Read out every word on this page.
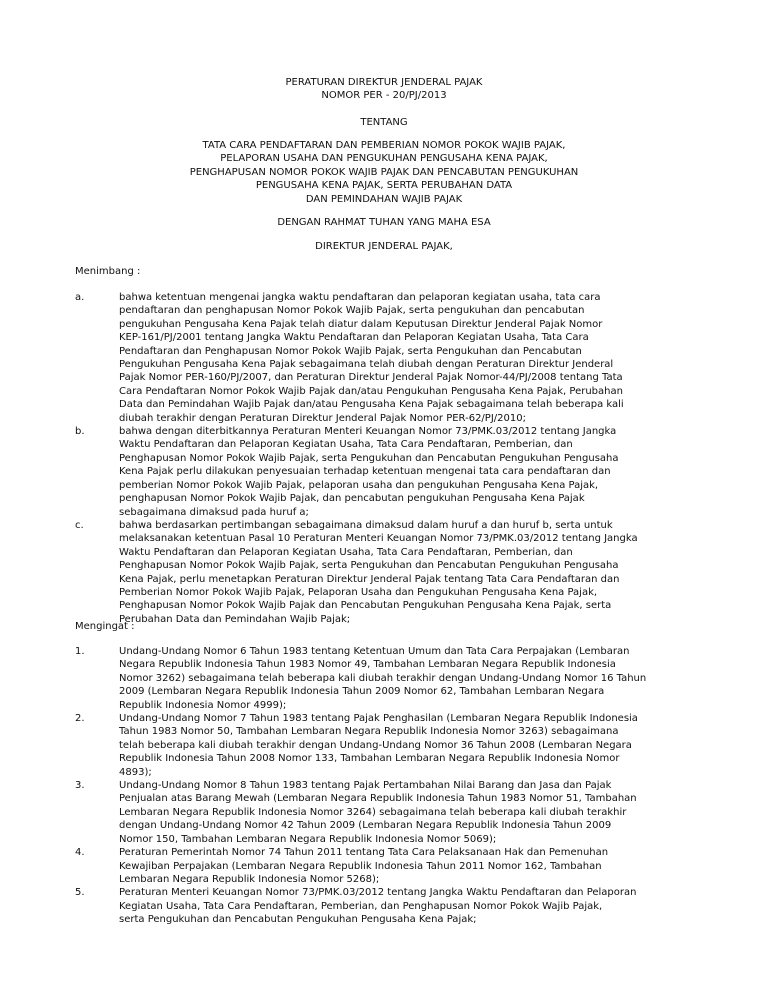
PERATURAN DIREKTUR JENDERAL PAJAK
NOMOR PER - 20/PJ/2013
TENTANG
TATA CARA PENDAFTARAN DAN PEMBERIAN NOMOR POKOK WAJIB PAJAK,
PELAPORAN USAHA DAN PENGUKUHAN PENGUSAHA KENA PAJAK,
PENGHAPUSAN NOMOR POKOK WAJIB PAJAK DAN PENCABUTAN PENGUKUHAN
PENGUSAHA KENA PAJAK, SERTA PERUBAHAN DATA
DAN PEMINDAHAN WAJIB PAJAK
DENGAN RAHMAT TUHAN YANG MAHA ESA
DIREKTUR JENDERAL PAJAK,
Menimbang :
a.	bahwa ketentuan mengenai jangka waktu pendaftaran dan pelaporan kegiatan usaha, tata cara
pendaftaran dan penghapusan Nomor Pokok Wajib Pajak, serta pengukuhan dan pencabutan
pengukuhan Pengusaha Kena Pajak telah diatur dalam Keputusan Direktur Jenderal Pajak Nomor
KEP-161/PJ/2001 tentang Jangka Waktu Pendaftaran dan Pelaporan Kegiatan Usaha, Tata Cara
Pendaftaran dan Penghapusan Nomor Pokok Wajib Pajak, serta Pengukuhan dan Pencabutan
Pengukuhan Pengusaha Kena Pajak sebagaimana telah diubah dengan Peraturan Direktur Jenderal
Pajak Nomor PER-160/PJ/2007, dan Peraturan Direktur Jenderal Pajak Nomor-44/PJ/2008 tentang Tata
Cara Pendaftaran Nomor Pokok Wajib Pajak dan/atau Pengukuhan Pengusaha Kena Pajak, Perubahan
Data dan Pemindahan Wajib Pajak dan/atau Pengusaha Kena Pajak sebagaimana telah beberapa kali
diubah terakhir dengan Peraturan Direktur Jenderal Pajak Nomor PER-62/PJ/2010;
b.	bahwa dengan diterbitkannya Peraturan Menteri Keuangan Nomor 73/PMK.03/2012 tentang Jangka
Waktu Pendaftaran dan Pelaporan Kegiatan Usaha, Tata Cara Pendaftaran, Pemberian, dan
Penghapusan Nomor Pokok Wajib Pajak, serta Pengukuhan dan Pencabutan Pengukuhan Pengusaha
Kena Pajak perlu dilakukan penyesuaian terhadap ketentuan mengenai tata cara pendaftaran dan
pemberian Nomor Pokok Wajib Pajak, pelaporan usaha dan pengukuhan Pengusaha Kena Pajak,
penghapusan Nomor Pokok Wajib Pajak, dan pencabutan pengukuhan Pengusaha Kena Pajak
sebagaimana dimaksud pada huruf a;
c.	bahwa berdasarkan pertimbangan sebagaimana dimaksud dalam huruf a dan huruf b, serta untuk
melaksanakan ketentuan Pasal 10 Peraturan Menteri Keuangan Nomor 73/PMK.03/2012 tentang Jangka
Waktu Pendaftaran dan Pelaporan Kegiatan Usaha, Tata Cara Pendaftaran, Pemberian, dan
Penghapusan Nomor Pokok Wajib Pajak, serta Pengukuhan dan Pencabutan Pengukuhan Pengusaha
Kena Pajak, perlu menetapkan Peraturan Direktur Jenderal Pajak tentang Tata Cara Pendaftaran dan
Pemberian Nomor Pokok Wajib Pajak, Pelaporan Usaha dan Pengukuhan Pengusaha Kena Pajak,
Penghapusan Nomor Pokok Wajib Pajak dan Pencabutan Pengukuhan Pengusaha Kena Pajak, serta
Perubahan Data dan Pemindahan Wajib Pajak;
Mengingat :
1.	Undang-Undang Nomor 6 Tahun 1983 tentang Ketentuan Umum dan Tata Cara Perpajakan (Lembaran
Negara Republik Indonesia Tahun 1983 Nomor 49, Tambahan Lembaran Negara Republik Indonesia
Nomor 3262) sebagaimana telah beberapa kali diubah terakhir dengan Undang-Undang Nomor 16 Tahun
2009 (Lembaran Negara Republik Indonesia Tahun 2009 Nomor 62, Tambahan Lembaran Negara
Republik Indonesia Nomor 4999);
2.	Undang-Undang Nomor 7 Tahun 1983 tentang Pajak Penghasilan (Lembaran Negara Republik Indonesia
Tahun 1983 Nomor 50, Tambahan Lembaran Negara Republik Indonesia Nomor 3263) sebagaimana
telah beberapa kali diubah terakhir dengan Undang-Undang Nomor 36 Tahun 2008 (Lembaran Negara
Republik Indonesia Tahun 2008 Nomor 133, Tambahan Lembaran Negara Republik Indonesia Nomor
4893);
3.	Undang-Undang Nomor 8 Tahun 1983 tentang Pajak Pertambahan Nilai Barang dan Jasa dan Pajak
Penjualan atas Barang Mewah (Lembaran Negara Republik Indonesia Tahun 1983 Nomor 51, Tambahan
Lembaran Negara Republik Indonesia Nomor 3264) sebagaimana telah beberapa kali diubah terakhir
dengan Undang-Undang Nomor 42 Tahun 2009 (Lembaran Negara Republik Indonesia Tahun 2009
Nomor 150, Tambahan Lembaran Negara Republik Indonesia Nomor 5069);
4.	Peraturan Pemerintah Nomor 74 Tahun 2011 tentang Tata Cara Pelaksanaan Hak dan Pemenuhan
Kewajiban Perpajakan (Lembaran Negara Republik Indonesia Tahun 2011 Nomor 162, Tambahan
Lembaran Negara Republik Indonesia Nomor 5268);
5.	Peraturan Menteri Keuangan Nomor 73/PMK.03/2012 tentang Jangka Waktu Pendaftaran dan Pelaporan
Kegiatan Usaha, Tata Cara Pendaftaran, Pemberian, dan Penghapusan Nomor Pokok Wajib Pajak,
serta Pengukuhan dan Pencabutan Pengukuhan Pengusaha Kena Pajak;
